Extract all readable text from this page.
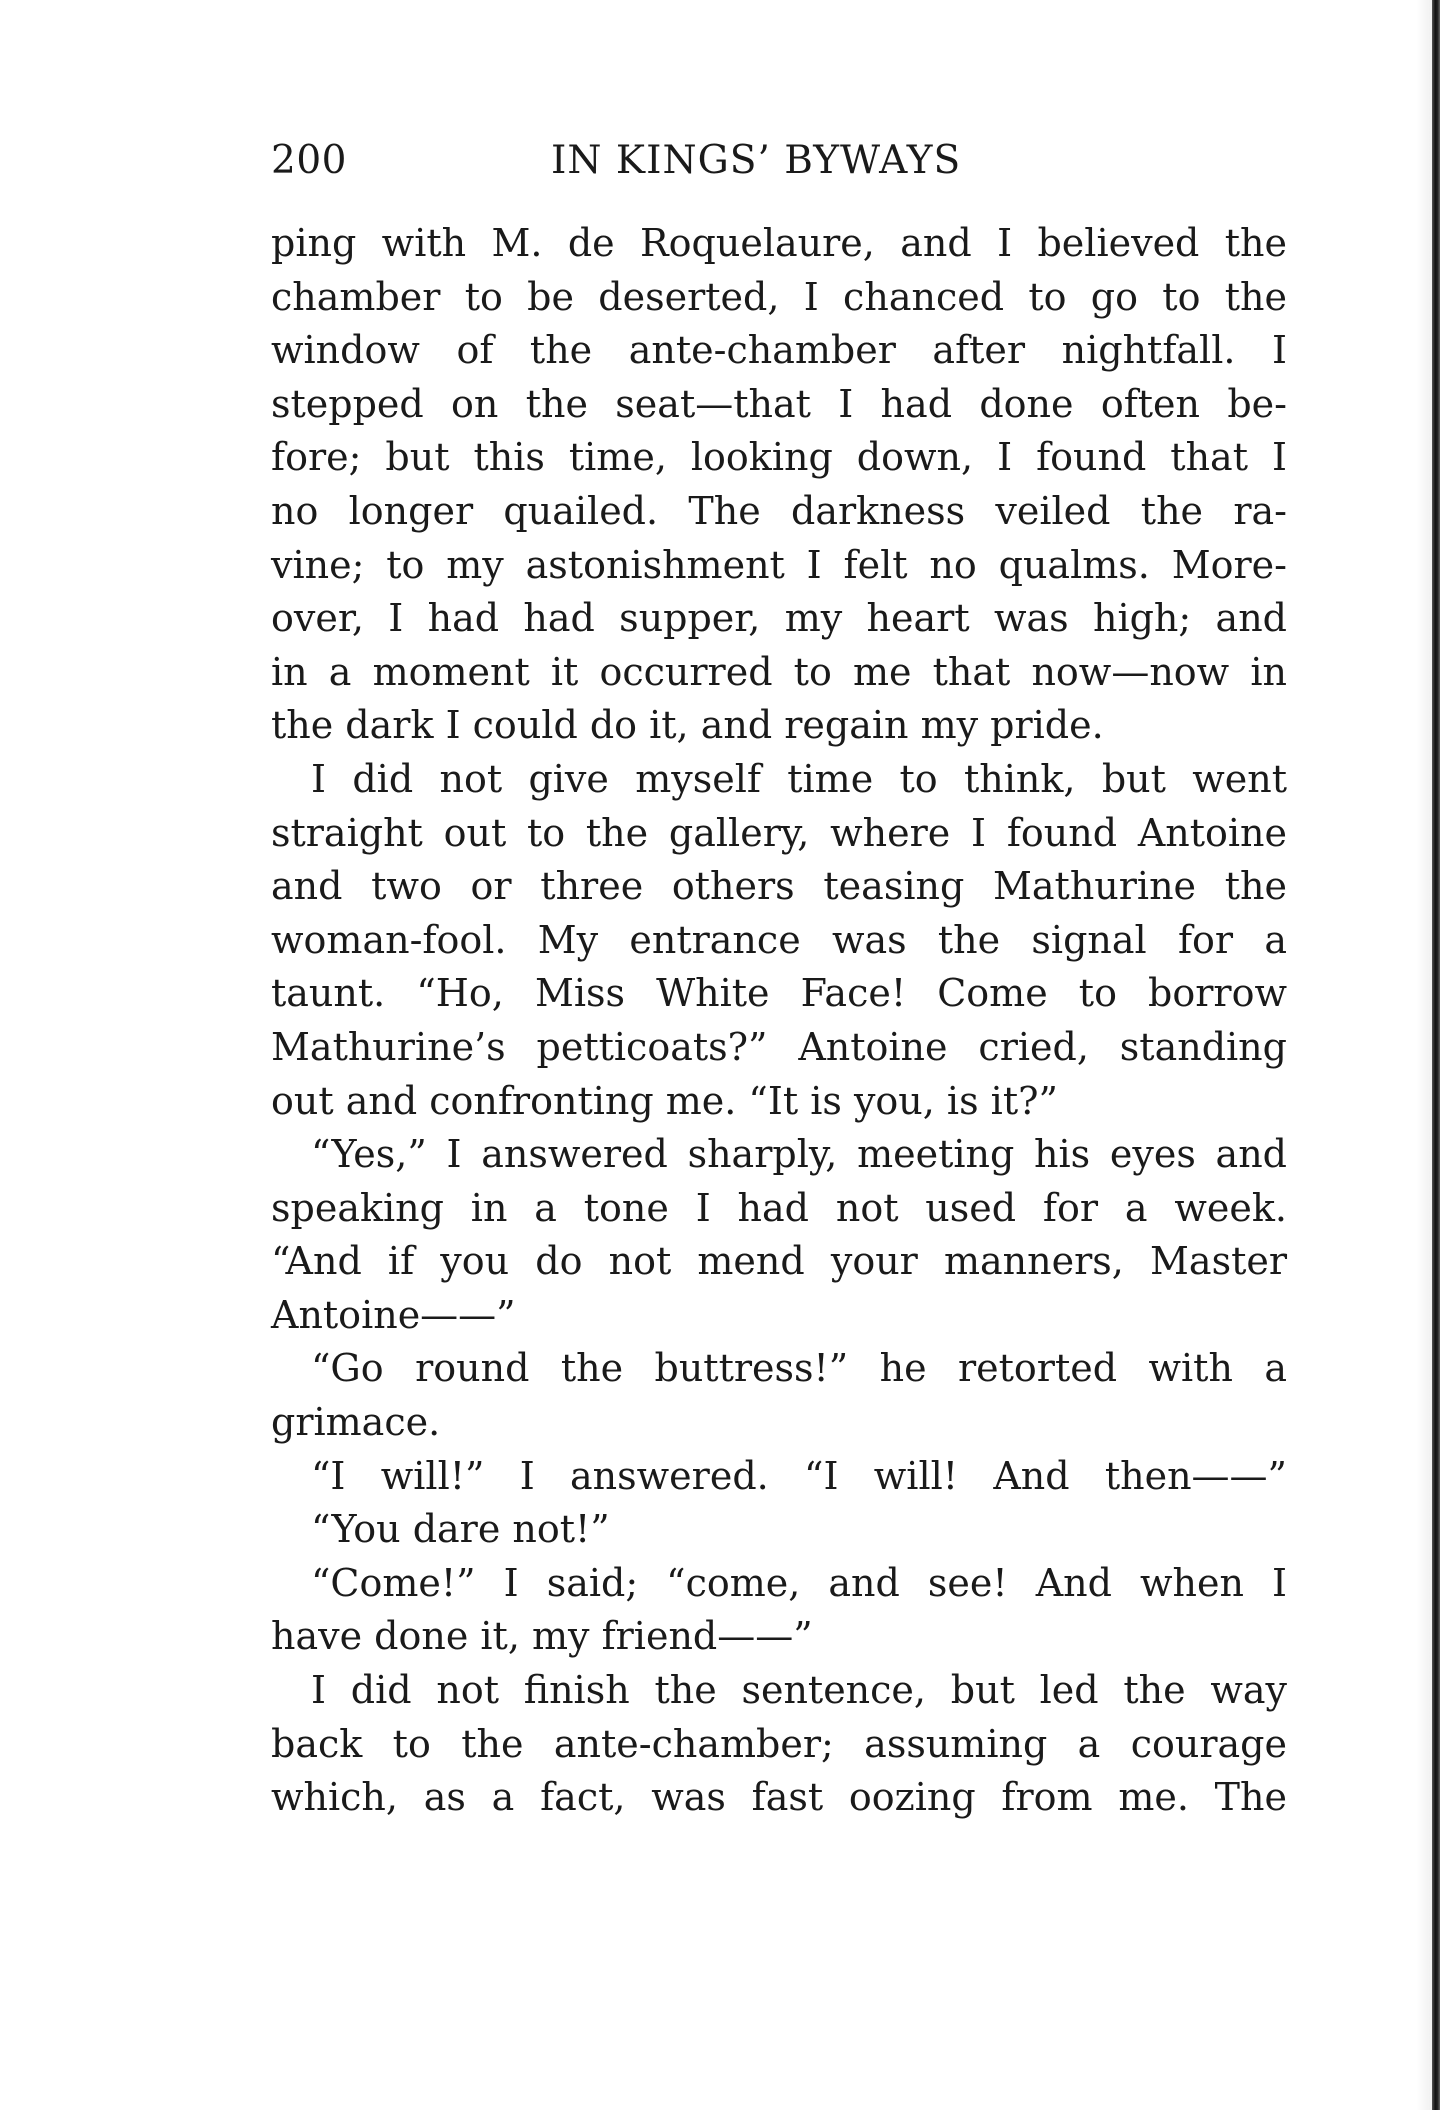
200	IN KINGS’ BYWAYS
ping with M. de Roquelaure, and I believed the
chamber to be deserted, I chanced to go to the
window of the ante-chamber after nightfall. I
stepped on the seat—that I had done often be-
fore; but this time, looking down, I found that I
no longer quailed. The darkness veiled the ra-
vine; to my astonishment I felt no qualms. More-
over, I had had supper, my heart was high; and
in a moment it occurred to me that now—now in
the dark I could do it, and regain my pride.
I did not give myself time to think, but went
straight out to the gallery, where I found Antoine
and two or three others teasing Mathurine the
woman-fool. My entrance was the signal for a
taunt. “Ho, Miss White Face! Come to borrow
Mathurine’s petticoats?” Antoine cried, standing
out and confronting me. “It is you, is it?”
“Yes,” I answered sharply, meeting his eyes and
speaking in a tone I had not used for a week.
“And if you do not mend your manners, Master
Antoine——”
“Go round the buttress!” he retorted with a
grimace.
“I will!” I answered. “I will! And then——”
“You dare not!”
“Come!” I said; “come, and see! And when I
have done it, my friend——”
I did not finish the sentence, but led the way
back to the ante-chamber; assuming a courage
which, as a fact, was fast oozing from me. The
